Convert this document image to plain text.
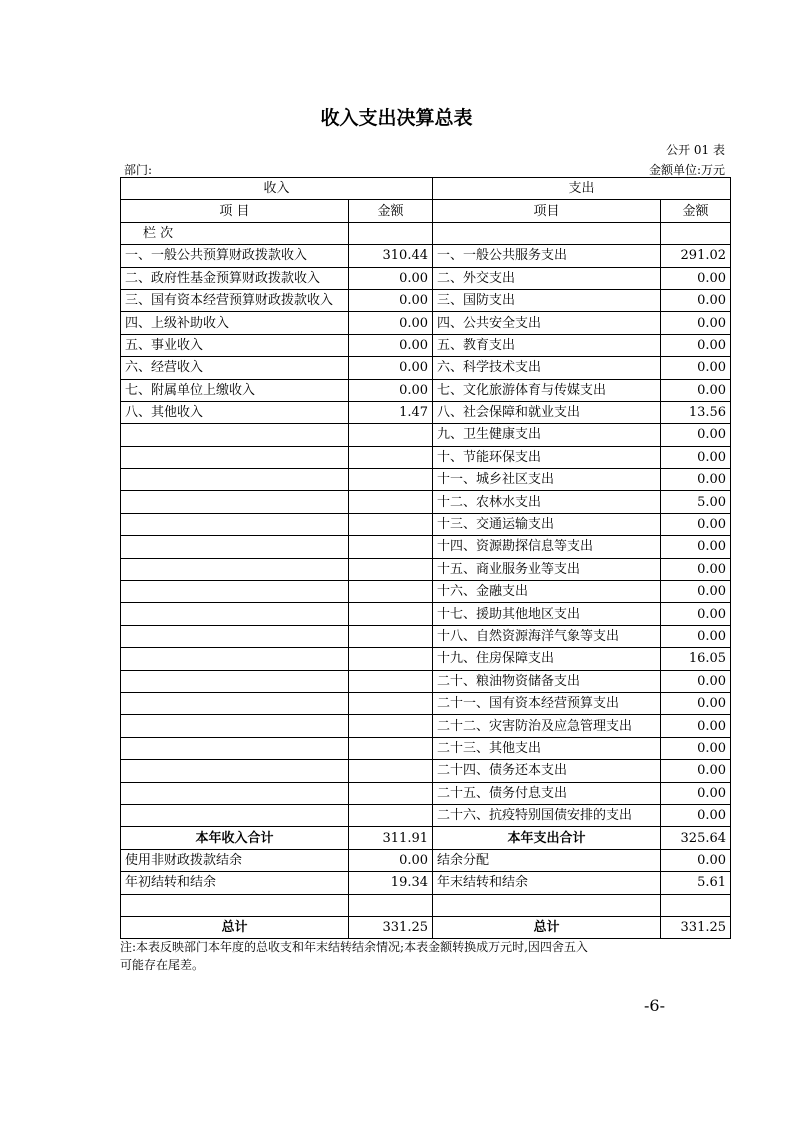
收入支出决算总表
公开 01 表
部门:	金额单位:万元
收入		支出	
项 目	金额	项目	金额
栏 次			
一、一般公共预算财政拨款收入	310.44	一、一般公共服务支出	291.02
二、政府性基金预算财政拨款收入	0.00	二、外交支出	0.00
三、国有资本经营预算财政拨款收入	0.00	三、国防支出	0.00
四、上级补助收入	0.00	四、公共安全支出	0.00
五、事业收入	0.00	五、教育支出	0.00
六、经营收入	0.00	六、科学技术支出	0.00
七、附属单位上缴收入	0.00	七、文化旅游体育与传媒支出	0.00
八、其他收入	1.47	八、社会保障和就业支出	13.56
		九、卫生健康支出	0.00
		十、节能环保支出	0.00
		十一、城乡社区支出	0.00
		十二、农林水支出	5.00
		十三、交通运输支出	0.00
		十四、资源勘探信息等支出	0.00
		十五、商业服务业等支出	0.00
		十六、金融支出	0.00
		十七、援助其他地区支出	0.00
		十八、自然资源海洋气象等支出	0.00
		十九、住房保障支出	16.05
		二十、粮油物资储备支出	0.00
		二十一、国有资本经营预算支出	0.00
		二十二、灾害防治及应急管理支出	0.00
		二十三、其他支出	0.00
		二十四、债务还本支出	0.00
		二十五、债务付息支出	0.00
		二十六、抗疫特别国债安排的支出	0.00
本年收入合计	311.91	本年支出合计	325.64
使用非财政拨款结余	0.00	结余分配	0.00
年初结转和结余	19.34	年末结转和结余	5.61

总计	331.25	总计	331.25
注:本表反映部门本年度的总收支和年末结转结余情况;本表金额转换成万元时,因四舍五入
可能存在尾差。
-6-
